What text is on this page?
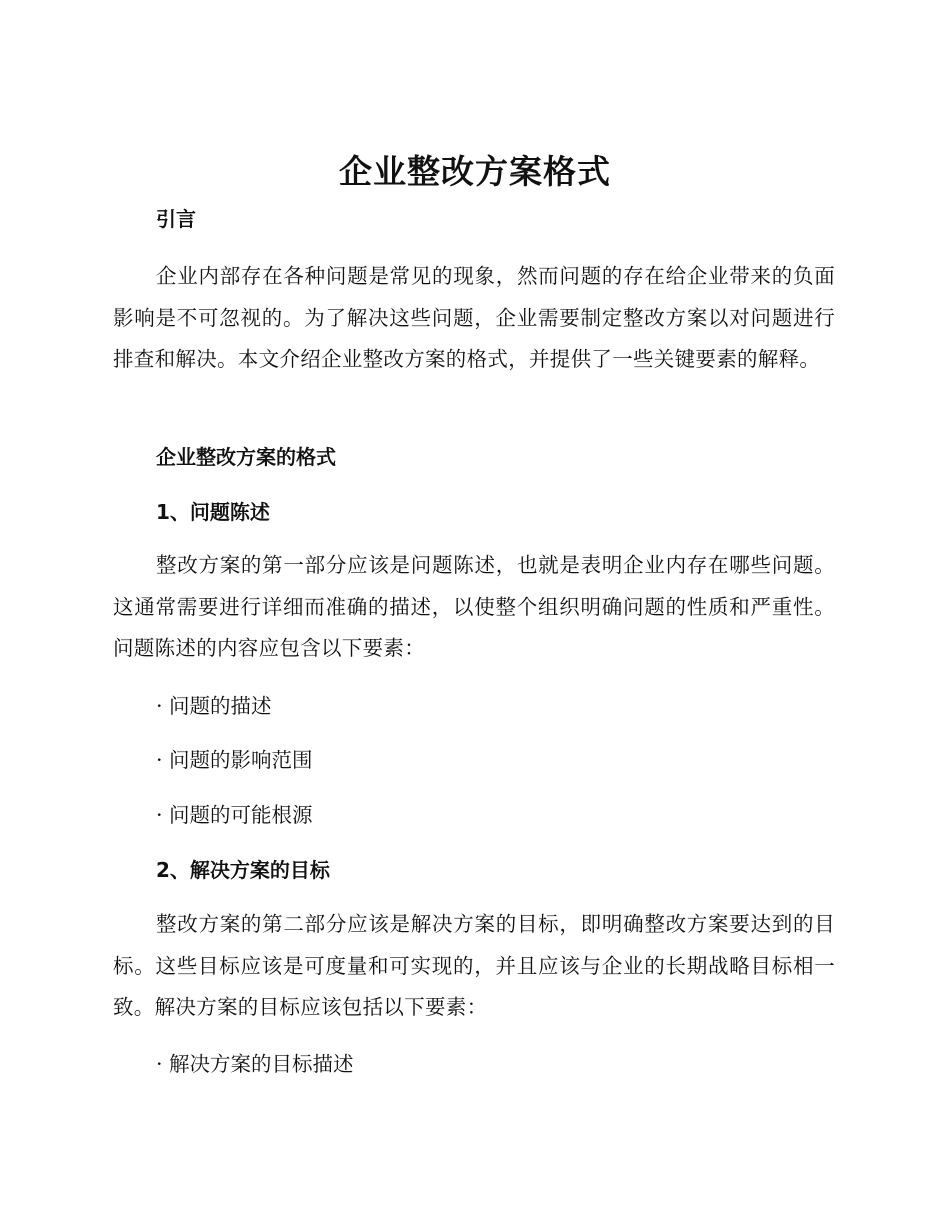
企业整改方案格式
引言

企业内部存在各种问题是常见的现象，然而问题的存在给企业带来的负面影响是不可忽视的。为了解决这些问题，企业需要制定整改方案以对问题进行排查和解决。本文介绍企业整改方案的格式，并提供了一些关键要素的解释。

企业整改方案的格式
1、问题陈述

整改方案的第一部分应该是问题陈述，也就是表明企业内存在哪些问题。这通常需要进行详细而准确的描述，以使整个组织明确问题的性质和严重性。问题陈述的内容应包含以下要素：

· 问题的描述

· 问题的影响范围

· 问题的可能根源

2、解决方案的目标

整改方案的第二部分应该是解决方案的目标，即明确整改方案要达到的目标。这些目标应该是可度量和可实现的，并且应该与企业的长期战略目标相一致。解决方案的目标应该包括以下要素：

· 解决方案的目标描述
